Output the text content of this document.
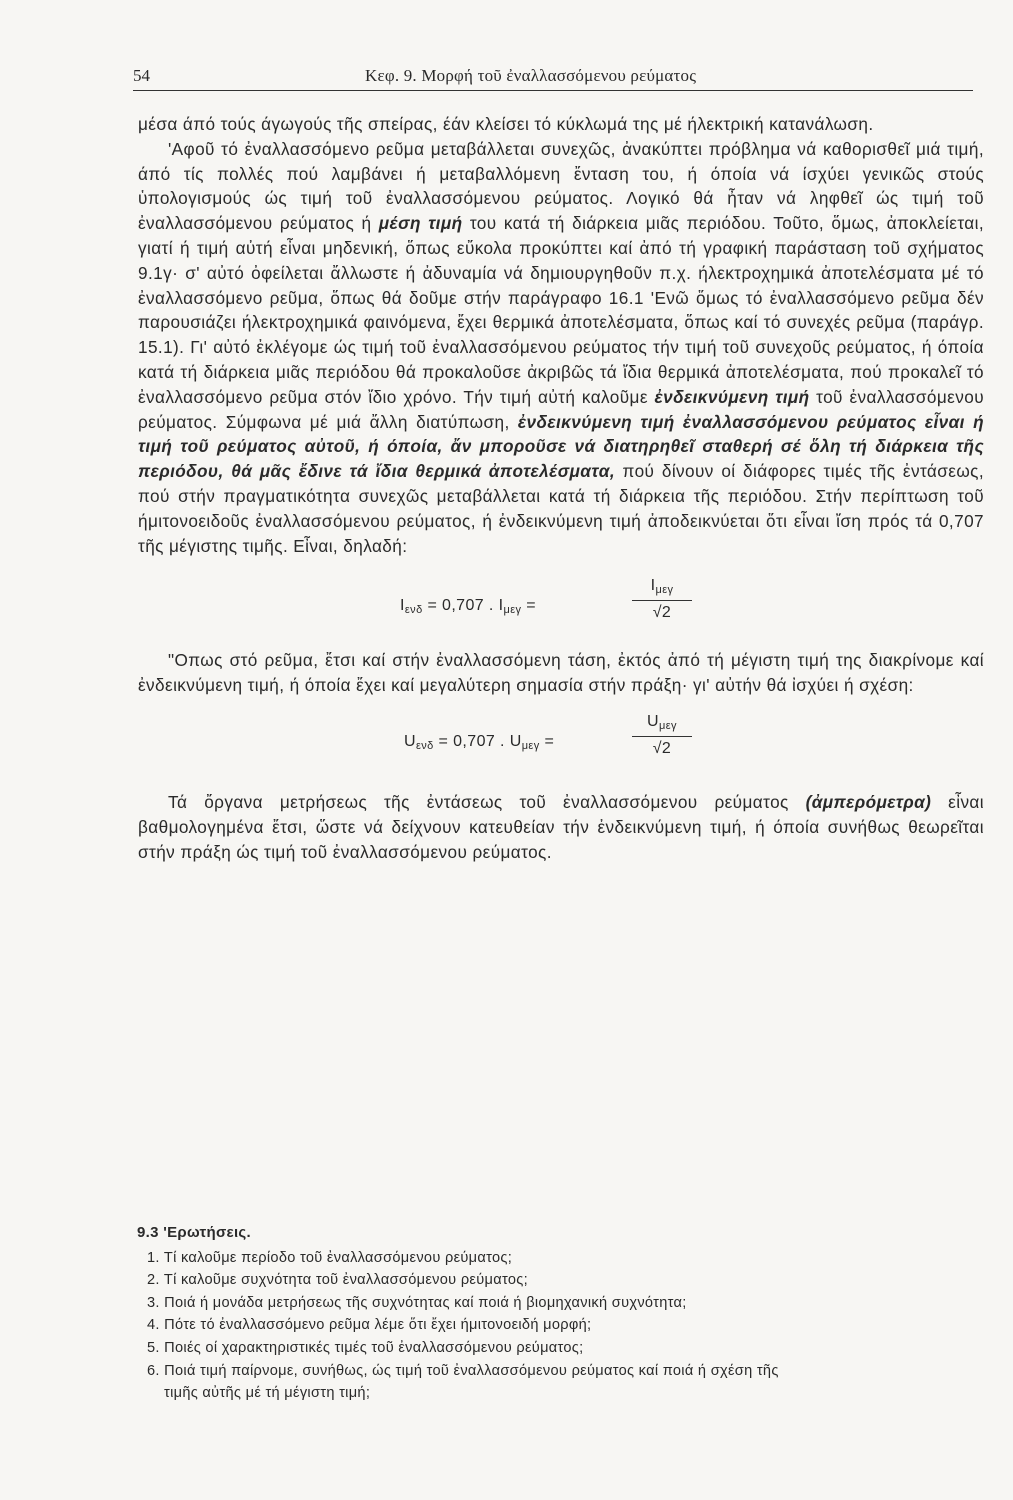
54	Κεφ. 9. Μορφή τοῦ ἐναλλασσόμενου ρεύματος

μέσα άπό τούς άγωγούς τῆς σπείρας, έάν κλείσει τό κύκλωμά της μέ ήλεκτρική κατανάλωση.

'Αφοῦ τό ἐναλλασσόμενο ρεῦμα μεταβάλλεται συνεχῶς, ἀνακύπτει πρόβλημα νά καθορισθεῖ μιά τιμή, άπό τίς πολλές πού λαμβάνει ή μεταβαλλόμενη ἔνταση του, ή όποία νά ίσχύει γενικῶς στούς ὑπολογισμούς ώς τιμή τοῦ ἐναλλασσόμενου ρεύματος. Λογικό θά ἦταν νά ληφθεῖ ώς τιμή τοῦ ἐναλλασσόμενου ρεύματος ή μέση τιμή του κατά τή διάρκεια μιᾶς περιόδου. Τοῦτο, ὅμως, ἀποκλείεται, γιατί ή τιμή αὐτή εἶναι μηδενική, ὅπως εὔκολα προκύπτει καί ἀπό τή γραφική παράσταση τοῦ σχήματος 9.1γ· σ' αὐτό ὀφείλεται ἄλλωστε ή ἀδυναμία νά δημιουργηθοῦν π.χ. ήλεκτροχημικά ἀποτελέσματα μέ τό ἐναλλασσόμενο ρεῦμα, ὅπως θά δοῦμε στήν παράγραφο 16.1 'Ενῶ ὅμως τό ἐναλλασσόμενο ρεῦμα δέν παρουσιάζει ήλεκτροχημικά φαινόμενα, ἔχει θερμικά ἀποτελέσματα, ὅπως καί τό συνεχές ρεῦμα (παράγρ. 15.1). Γι' αὐτό ἐκλέγομε ώς τιμή τοῦ ἐναλλασσόμενου ρεύματος τήν τιμή τοῦ συνεχοῦς ρεύματος, ή όποία κατά τή διάρκεια μιᾶς περιόδου θά προκαλοῦσε ἀκριβῶς τά ἴδια θερμικά ἀποτελέσματα, πού προκαλεῖ τό ἐναλλασσόμενο ρεῦμα στόν ἴδιο χρόνο. Τήν τιμή αὐτή καλοῦμε ἐνδεικνύμενη τιμή τοῦ ἐναλλασσόμενου ρεύματος. Σύμφωνα μέ μιά ἄλλη διατύπωση, ἐνδεικνύμενη τιμή ἐναλλασσόμενου ρεύματος εἶναι ή τιμή τοῦ ρεύματος αὐτοῦ, ή όποία, ἄν μποροῦσε νά διατηρηθεῖ σταθερή σέ ὅλη τή διάρκεια τῆς περιόδου, θά μᾶς ἔδινε τά ἴδια θερμικά ἀποτελέσματα, πού δίνουν οί διάφορες τιμές τῆς ἐντάσεως, πού στήν πραγματικότητα συνεχῶς μεταβάλλεται κατά τή διάρκεια τῆς περιόδου. Στήν περίπτωση τοῦ ήμιτονοειδοῦς ἐναλλασσόμενου ρεύματος, ή ἐνδεικνύμενη τιμή ἀποδεικνύεται ὅτι εἶναι ἴση πρός τά 0,707 τῆς μέγιστης τιμῆς. Εἶναι, δηλαδή:

$I_{\varepsilon\nu\delta} = 0,707$ . $I_{\mu\varepsilon\gamma}$ =
$I_{\mu\varepsilon\gamma}$
√2

"Οπως στό ρεῦμα, ἔτσι καί στήν ἐναλλασσόμενη τάση, ἐκτός ἀπό τή μέγιστη τιμή της διακρίνομε καί ἐνδεικνύμενη τιμή, ή όποία ἔχει καί μεγαλύτερη σημασία στήν πράξη· γι' αὐτήν θά ἰσχύει ή σχέση:

$U_{\varepsilon\nu\delta} = 0,707$ . $U_{\mu\varepsilon\gamma}$ =
$U_{\mu\varepsilon\gamma}$
√2

Τά ὄργανα μετρήσεως τῆς ἐντάσεως τοῦ ἐναλλασσόμενου ρεύματος (ἀμπερόμετρα) εἶναι βαθμολογημένα ἔτσι, ὥστε νά δείχνουν κατευθείαν τήν ἐνδεικνύμενη τιμή, ή όποία συνήθως θεωρεῖται στήν πράξη ώς τιμή τοῦ ἐναλλασσόμενου ρεύματος.

9.3 'Ερωτήσεις.
1. Τί καλοῦμε περίοδο τοῦ ἐναλλασσόμενου ρεύματος;
2. Τί καλοῦμε συχνότητα τοῦ ἐναλλασσόμενου ρεύματος;
3. Ποιά ή μονάδα μετρήσεως τῆς συχνότητας καί ποιά ή βιομηχανική συχνότητα;
4. Πότε τό ἐναλλασσόμενο ρεῦμα λέμε ὅτι ἔχει ήμιτονοειδή μορφή;
5. Ποιές οί χαρακτηριστικές τιμές τοῦ ἐναλλασσόμενου ρεύματος;
6. Ποιά τιμή παίρνομε, συνήθως, ώς τιμή τοῦ ἐναλλασσόμενου ρεύματος καί ποιά ή σχέση τῆς
τιμῆς αὐτῆς μέ τή μέγιστη τιμή;
